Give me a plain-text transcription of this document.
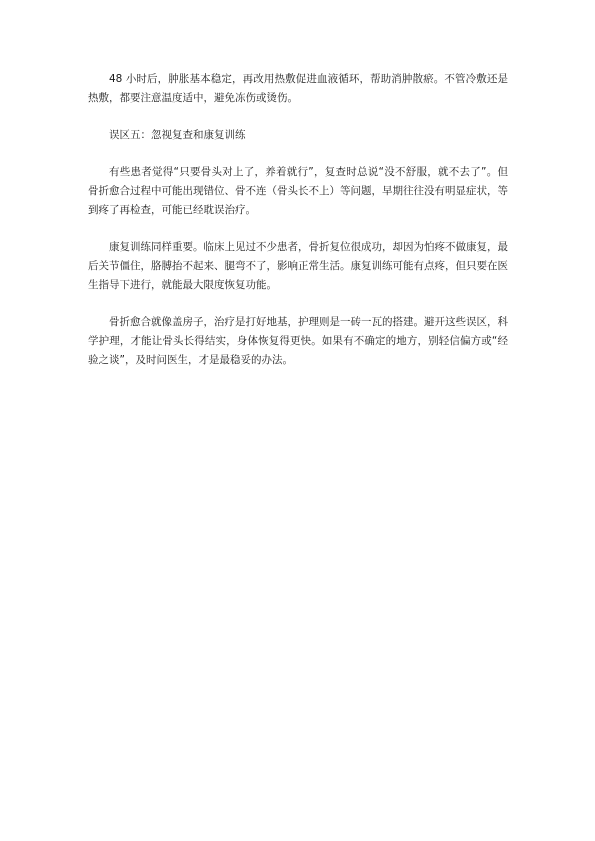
48 小时后，肿胀基本稳定，再改用热敷促进血液循环，帮助消肿散瘀。不管冷敷还是热敷，都要注意温度适中，避免冻伤或烫伤。

误区五：忽视复查和康复训练

有些患者觉得“只要骨头对上了，养着就行”，复查时总说“没不舒服，就不去了”。但骨折愈合过程中可能出现错位、骨不连（骨头长不上）等问题，早期往往没有明显症状，等到疼了再检查，可能已经耽误治疗。

康复训练同样重要。临床上见过不少患者，骨折复位很成功，却因为怕疼不做康复，最后关节僵住，胳膊抬不起来、腿弯不了，影响正常生活。康复训练可能有点疼，但只要在医生指导下进行，就能最大限度恢复功能。

骨折愈合就像盖房子，治疗是打好地基，护理则是一砖一瓦的搭建。避开这些误区，科学护理，才能让骨头长得结实，身体恢复得更快。如果有不确定的地方，别轻信偏方或“经验之谈”，及时问医生，才是最稳妥的办法。
